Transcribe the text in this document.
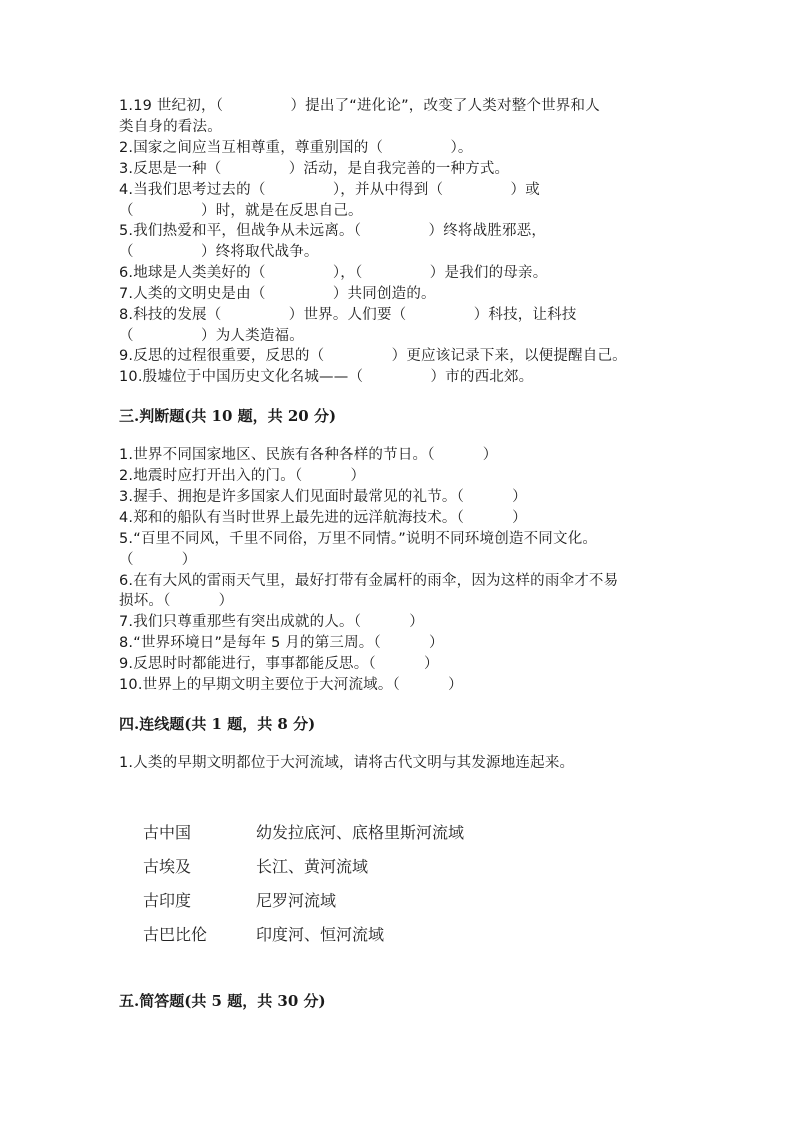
1.19 世纪初，（              ）提出了“进化论”，改变了人类对整个世界和人
类自身的看法。
2.国家之间应当互相尊重，尊重别国的（              ）。
3.反思是一种（              ）活动，是自我完善的一种方式。
4.当我们思考过去的（              ），并从中得到（              ）或
（              ）时，就是在反思自己。
5.我们热爱和平，但战争从未远离。（              ）终将战胜邪恶，
（              ）终将取代战争。
6.地球是人类美好的（              ），（              ）是我们的母亲。
7.人类的文明史是由（              ）共同创造的。
8.科技的发展（              ）世界。人们要（              ）科技，让科技
（              ）为人类造福。
9.反思的过程很重要，反思的（              ）更应该记录下来，以便提醒自己。
10.殷墟位于中国历史文化名城——（              ）市的西北郊。
三.判断题(共 10 题，共 20 分)
1.世界不同国家地区、民族有各种各样的节日。（          ）
2.地震时应打开出入的门。（          ）
3.握手、拥抱是许多国家人们见面时最常见的礼节。（          ）
4.郑和的船队有当时世界上最先进的远洋航海技术。（          ）
5.“百里不同风，千里不同俗，万里不同情。”说明不同环境创造不同文化。
（          ）
6.在有大风的雷雨天气里，最好打带有金属杆的雨伞，因为这样的雨伞才不易
损坏。（          ）
7.我们只尊重那些有突出成就的人。（          ）
8.“世界环境日”是每年 5 月的第三周。（          ）
9.反思时时都能进行，事事都能反思。（          ）
10.世界上的早期文明主要位于大河流域。（          ）
四.连线题(共 1 题，共 8 分)
1.人类的早期文明都位于大河流域，请将古代文明与其发源地连起来。
古中国
古埃及
古印度
古巴比伦
幼发拉底河、底格里斯河流域
长江、黄河流域
尼罗河流域
印度河、恒河流域
五.简答题(共 5 题，共 30 分)
